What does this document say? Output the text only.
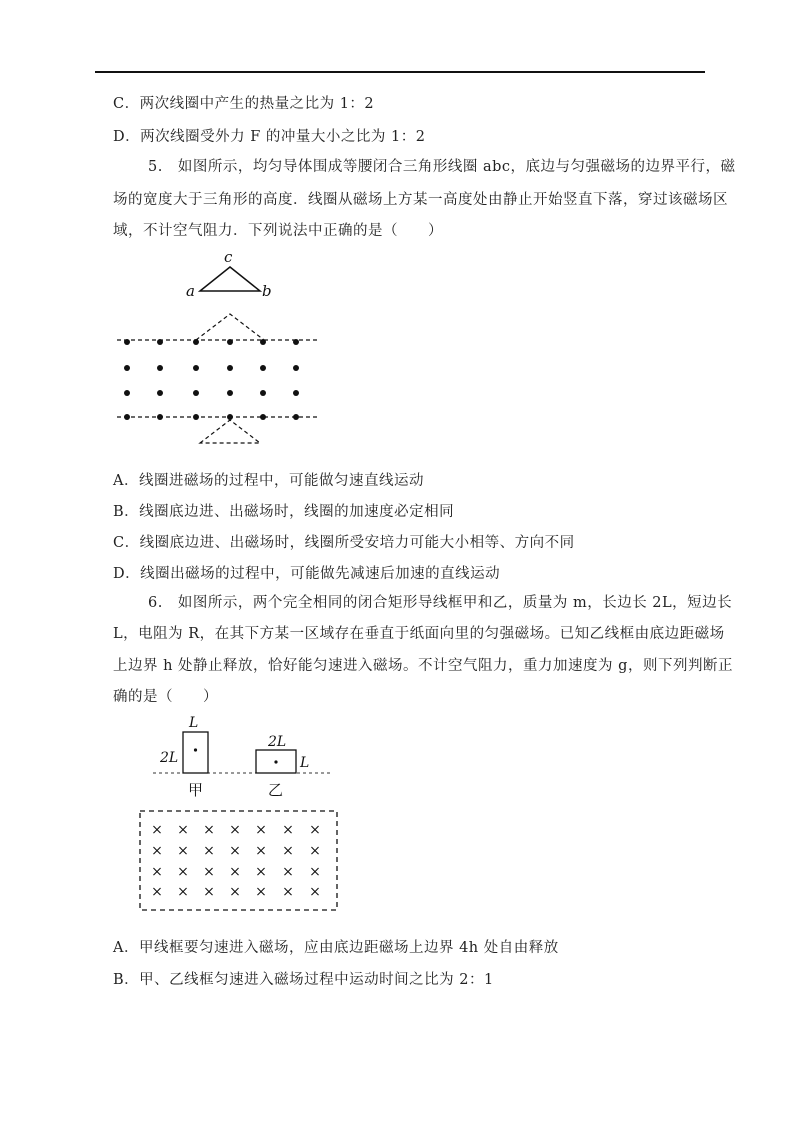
C．两次线圈中产生的热量之比为 1：2
D．两次线圈受外力 F 的冲量大小之比为 1：2
5.　如图所示，均匀导体围成等腰闭合三角形线圈 abc，底边与匀强磁场的边界平行，磁
场的宽度大于三角形的高度．线圈从磁场上方某一高度处由静止开始竖直下落，穿过该磁场区
域，不计空气阻力．下列说法中正确的是（　　）
c
a	b
A．线圈进磁场的过程中，可能做匀速直线运动
B．线圈底边进、出磁场时，线圈的加速度必定相同
C．线圈底边进、出磁场时，线圈所受安培力可能大小相等、方向不同
D．线圈出磁场的过程中，可能做先减速后加速的直线运动
6.　如图所示，两个完全相同的闭合矩形导线框甲和乙，质量为 m，长边长 2L，短边长
L，电阻为 R，在其下方某一区域存在垂直于纸面向里的匀强磁场。已知乙线框由底边距磁场
上边界 h 处静止释放，恰好能匀速进入磁场。不计空气阻力，重力加速度为 g，则下列判断正
确的是（　　）
L
2L
甲
2L
L
乙
× × × × × × ×
× × × × × × ×
× × × × × × ×
× × × × × × ×
A．甲线框要匀速进入磁场，应由底边距磁场上边界 4h 处自由释放
B．甲、乙线框匀速进入磁场过程中运动时间之比为 2：1
